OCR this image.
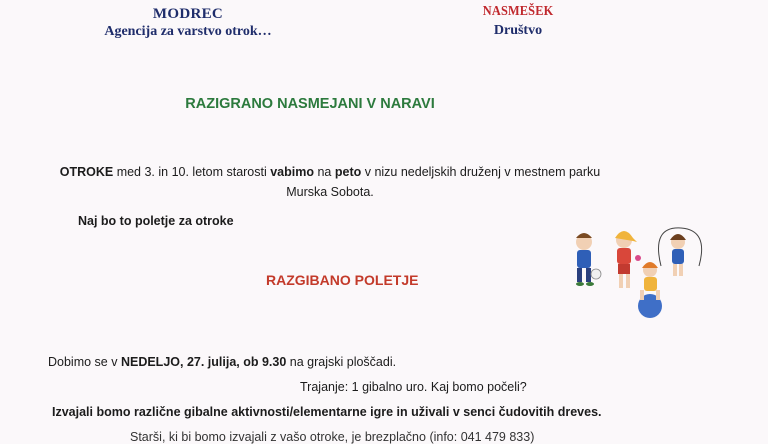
MODREC
Agencija za varstvo otrok…
NASMEŠEK
Društvo
RAZIGRANO NASMEJANI V NARAVI
OTROKE med 3. in 10. letom starosti vabimo na peto v nizu nedeljskih druženj v mestnem parku
Murska Sobota.
Naj bo to poletje za otroke
RAZGIBANO POLETJE
Dobimo se v NEDELJO, 27. julija, ob 9.30 na grajski ploščadi.
Trajanje: 1 gibalno uro. Kaj bomo počeli?
Izvajali bomo različne gibalne aktivnosti/elementarne igre in uživali v senci čudovitih dreves.
Starši, ki bi bomo izvajali z vašo otroke, je brezplačno (info: 041 479 833)
